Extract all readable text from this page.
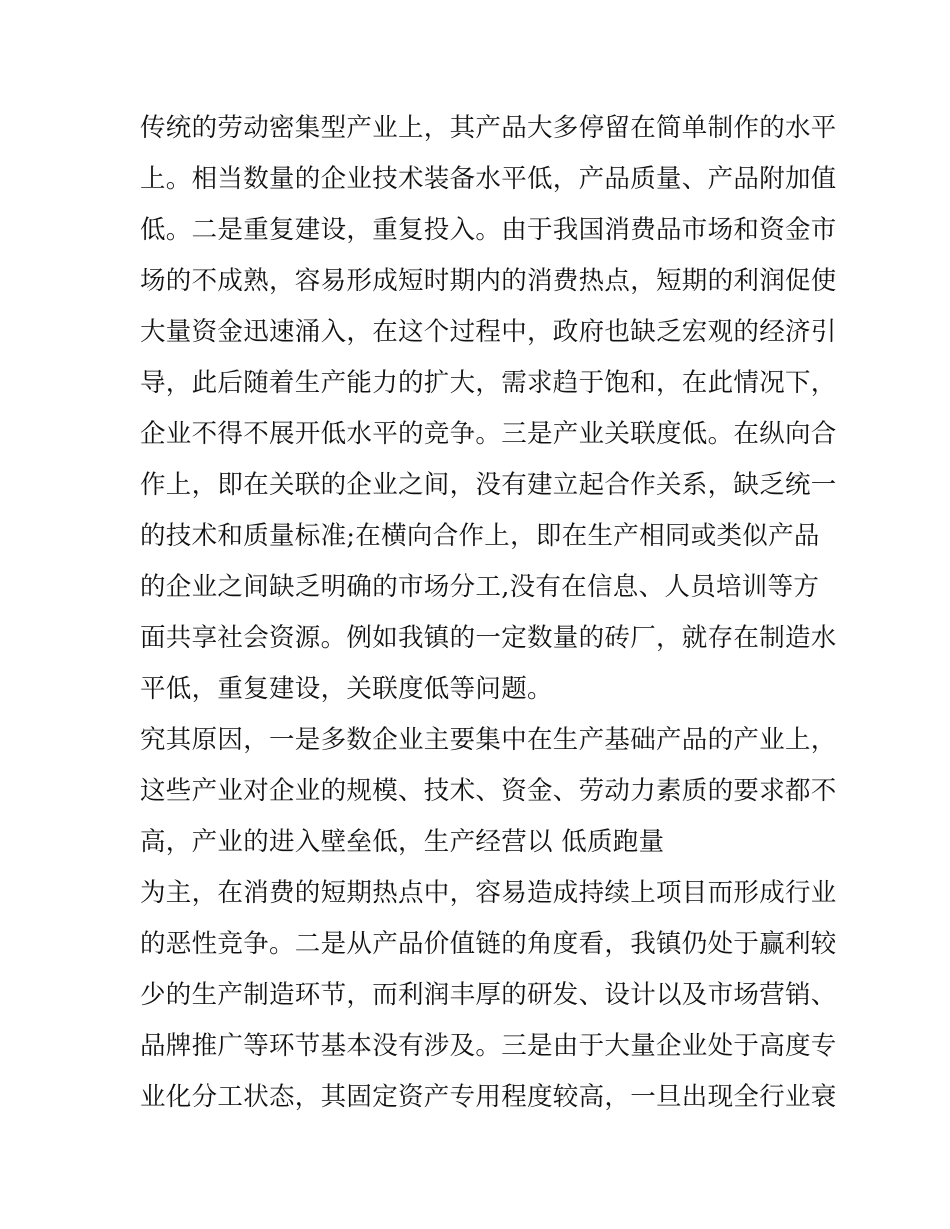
传统的劳动密集型产业上，其产品大多停留在简单制作的水平
上。相当数量的企业技术装备水平低，产品质量、产品附加值
低。二是重复建设，重复投入。由于我国消费品市场和资金市
场的不成熟，容易形成短时期内的消费热点，短期的利润促使
大量资金迅速涌入，在这个过程中，政府也缺乏宏观的经济引
导，此后随着生产能力的扩大，需求趋于饱和，在此情况下，
企业不得不展开低水平的竞争。三是产业关联度低。在纵向合
作上，即在关联的企业之间，没有建立起合作关系，缺乏统一
的技术和质量标准;在横向合作上，即在生产相同或类似产品
的企业之间缺乏明确的市场分工,没有在信息、人员培训等方
面共享社会资源。例如我镇的一定数量的砖厂，就存在制造水
平低，重复建设，关联度低等问题。
究其原因，一是多数企业主要集中在生产基础产品的产业上，
这些产业对企业的规模、技术、资金、劳动力素质的要求都不
高，产业的进入壁垒低，生产经营以 低质跑量
为主，在消费的短期热点中，容易造成持续上项目而形成行业
的恶性竞争。二是从产品价值链的角度看，我镇仍处于赢利较
少的生产制造环节，而利润丰厚的研发、设计以及市场营销、
品牌推广等环节基本没有涉及。三是由于大量企业处于高度专
业化分工状态，其固定资产专用程度较高，一旦出现全行业衰
